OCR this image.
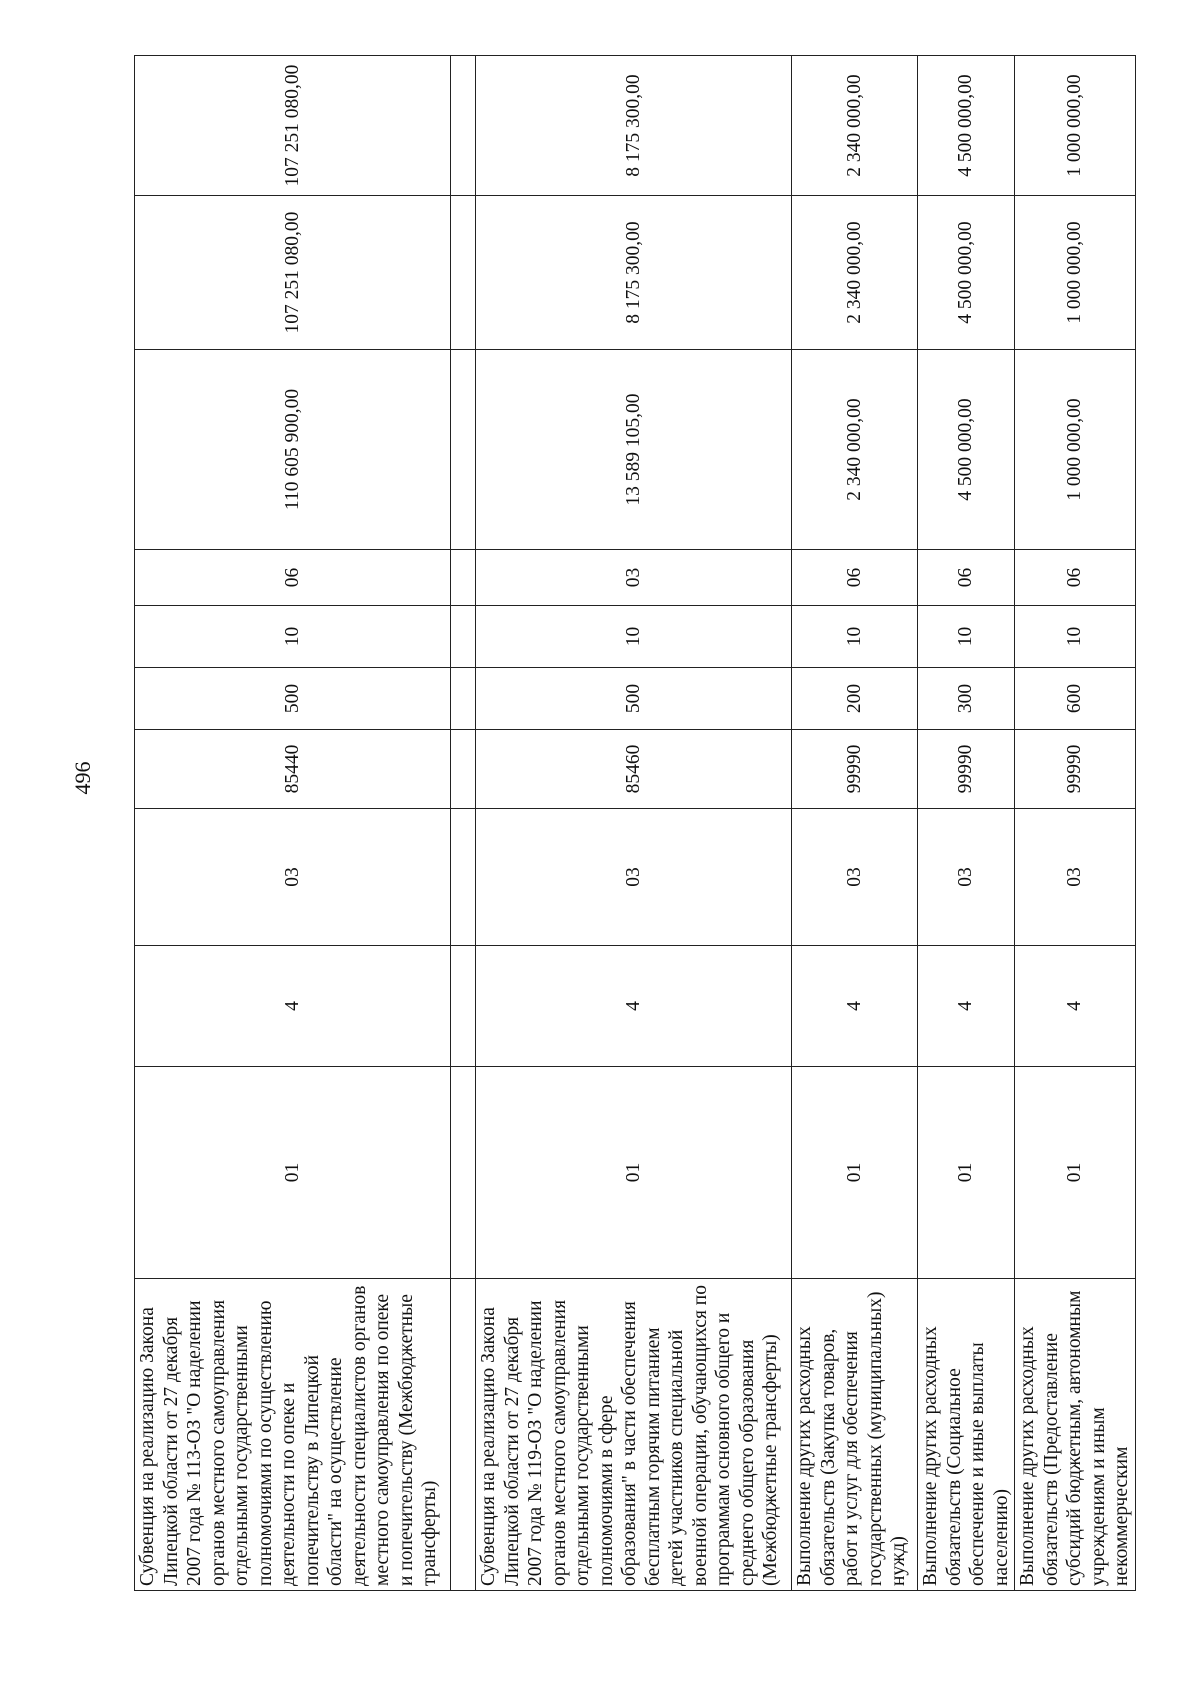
496
Субвенция на реализацию Закона Липецкой области от 27 декабря 2007 года № 113-ОЗ "О наделении органов местного самоуправления отдельными государственными полномочиями по осуществлению деятельности по опеке и попечительству в Липецкой области" на осуществление деятельности специалистов органов местного самоуправления по опеке и попечительству (Межбюджетные трансферты)	01	4	03	85440	500	10	06	110 605 900,00	107 251 080,00	107 251 080,00

Субвенция на реализацию Закона Липецкой области от 27 декабря 2007 года № 119-ОЗ "О наделении органов местного самоуправления отдельными государственными полномочиями в сфере образования" в части обеспечения бесплатным горячим питанием детей участников специальной военной операции, обучающихся по программам основного общего и среднего общего образования (Межбюджетные трансферты)	01	4	03	85460	500	10	03	13 589 105,00	8 175 300,00	8 175 300,00
Выполнение других расходных обязательств (Закупка товаров, работ и услуг для обеспечения государственных (муниципальных) нужд)	01	4	03	99990	200	10	06	2 340 000,00	2 340 000,00	2 340 000,00
Выполнение других расходных обязательств (Социальное обеспечение и иные выплаты населению)	01	4	03	99990	300	10	06	4 500 000,00	4 500 000,00	4 500 000,00
Выполнение других расходных обязательств (Предоставление субсидий бюджетным, автономным учреждениям и иным некоммерческим	01	4	03	99990	600	10	06	1 000 000,00	1 000 000,00	1 000 000,00
